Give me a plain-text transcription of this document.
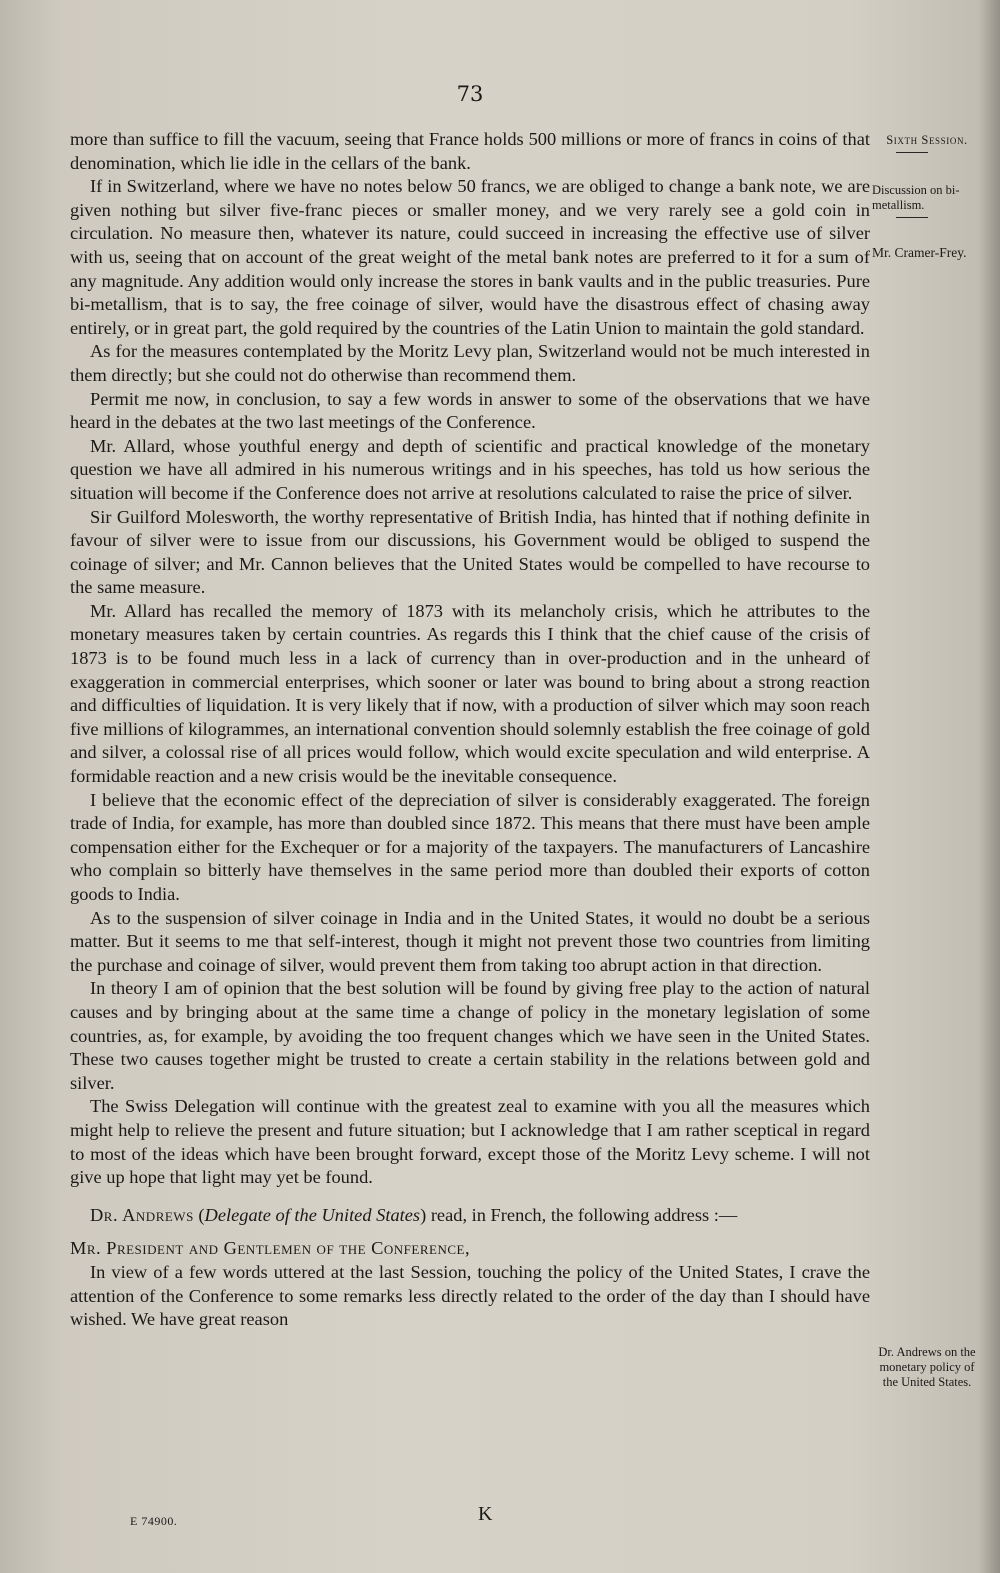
73
Sixth Session.
Discussion on bi-metallism.
Mr. Cramer-Frey.

more than suffice to fill the vacuum, seeing that France holds 500 millions or more of francs in coins of that denomination, which lie idle in the cellars of the bank.

If in Switzerland, where we have no notes below 50 francs, we are obliged to change a bank note, we are given nothing but silver five-franc pieces or smaller money, and we very rarely see a gold coin in circulation. No measure then, whatever its nature, could succeed in increasing the effective use of silver with us, seeing that on account of the great weight of the metal bank notes are preferred to it for a sum of any magnitude. Any addition would only increase the stores in bank vaults and in the public treasuries. Pure bi-metallism, that is to say, the free coinage of silver, would have the disastrous effect of chasing away entirely, or in great part, the gold required by the countries of the Latin Union to maintain the gold standard.

As for the measures contemplated by the Moritz Levy plan, Switzerland would not be much interested in them directly; but she could not do otherwise than recommend them.

Permit me now, in conclusion, to say a few words in answer to some of the observations that we have heard in the debates at the two last meetings of the Conference.

Mr. Allard, whose youthful energy and depth of scientific and practical knowledge of the monetary question we have all admired in his numerous writings and in his speeches, has told us how serious the situation will become if the Conference does not arrive at resolutions calculated to raise the price of silver.

Sir Guilford Molesworth, the worthy representative of British India, has hinted that if nothing definite in favour of silver were to issue from our discussions, his Government would be obliged to suspend the coinage of silver; and Mr. Cannon believes that the United States would be compelled to have recourse to the same measure.

Mr. Allard has recalled the memory of 1873 with its melancholy crisis, which he attributes to the monetary measures taken by certain countries. As regards this I think that the chief cause of the crisis of 1873 is to be found much less in a lack of currency than in over-production and in the unheard of exaggeration in commercial enterprises, which sooner or later was bound to bring about a strong reaction and difficulties of liquidation. It is very likely that if now, with a production of silver which may soon reach five millions of kilogrammes, an international convention should solemnly establish the free coinage of gold and silver, a colossal rise of all prices would follow, which would excite speculation and wild enterprise. A formidable reaction and a new crisis would be the inevitable consequence.

I believe that the economic effect of the depreciation of silver is considerably exaggerated. The foreign trade of India, for example, has more than doubled since 1872. This means that there must have been ample compensation either for the Exchequer or for a majority of the taxpayers. The manufacturers of Lancashire who complain so bitterly have themselves in the same period more than doubled their exports of cotton goods to India.

As to the suspension of silver coinage in India and in the United States, it would no doubt be a serious matter. But it seems to me that self-interest, though it might not prevent those two countries from limiting the purchase and coinage of silver, would prevent them from taking too abrupt action in that direction.

In theory I am of opinion that the best solution will be found by giving free play to the action of natural causes and by bringing about at the same time a change of policy in the monetary legislation of some countries, as, for example, by avoiding the too frequent changes which we have seen in the United States. These two causes together might be trusted to create a certain stability in the relations between gold and silver.

The Swiss Delegation will continue with the greatest zeal to examine with you all the measures which might help to relieve the present and future situation; but I acknowledge that I am rather sceptical in regard to most of the ideas which have been brought forward, except those of the Moritz Levy scheme. I will not give up hope that light may yet be found.

Dr. Andrews (Delegate of the United States) read, in French, the following address :—

Mr. President and Gentlemen of the Conference,

In view of a few words uttered at the last Session, touching the policy of the United States, I crave the attention of the Conference to some remarks less directly related to the order of the day than I should have wished. We have great reason

Dr. Andrews on the monetary policy of the United States.
E 74900.	K
